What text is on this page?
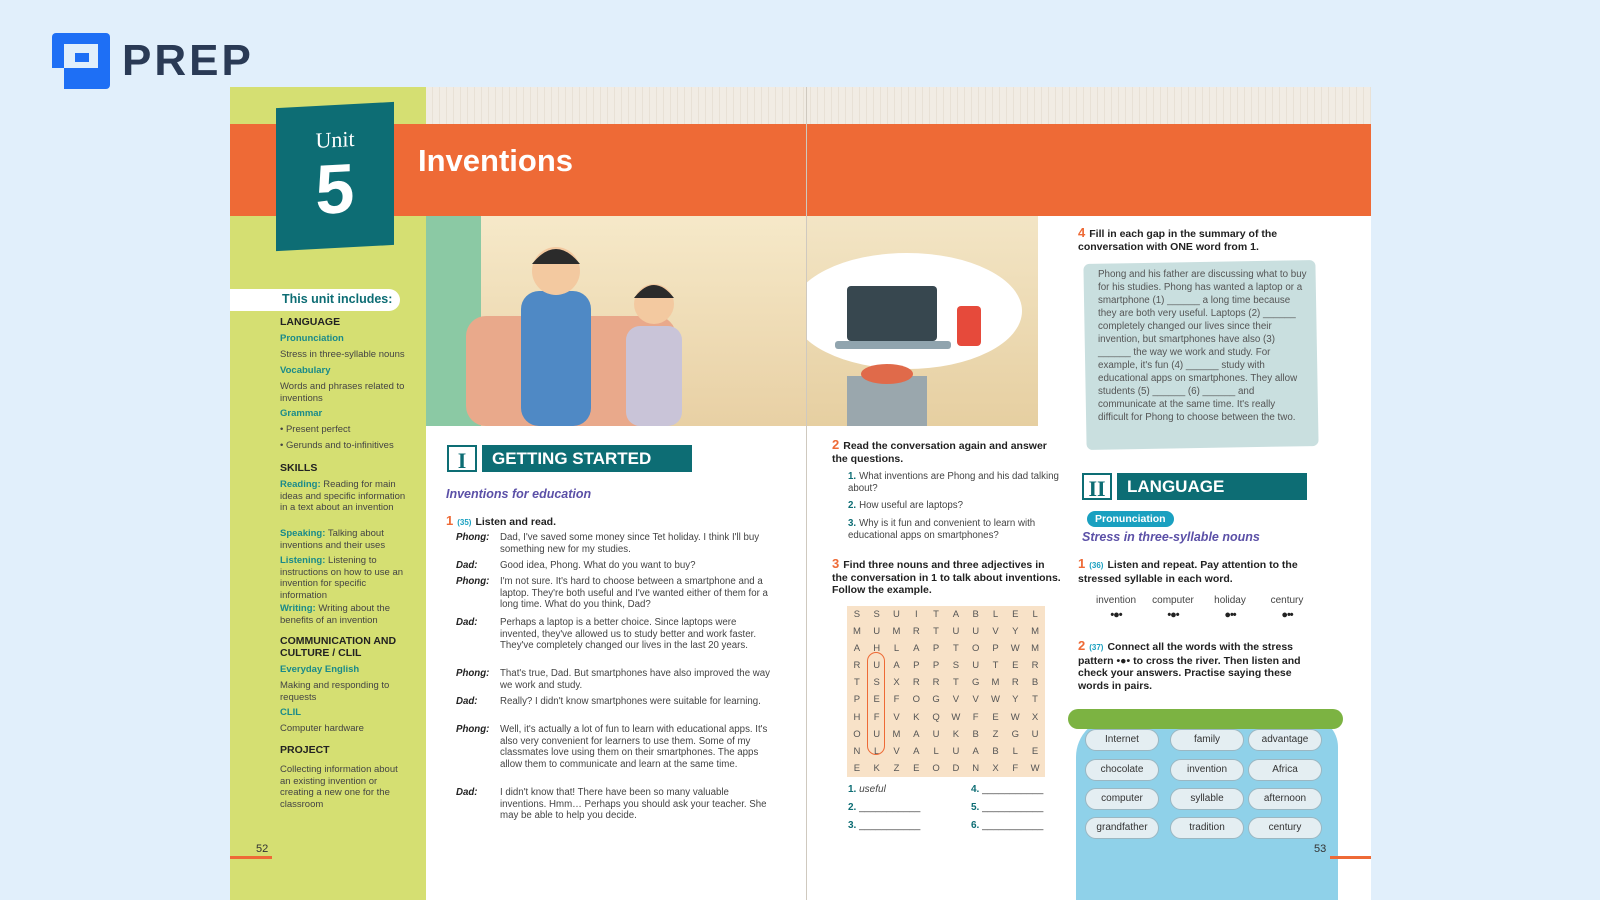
PREP
Unit
5	Inventions
This unit includes:
LANGUAGE
Pronunciation
Stress in three-syllable nouns
Vocabulary
Words and phrases related to inventions
Grammar
• Present perfect
• Gerunds and to-infinitives
SKILLS
Reading: Reading for main ideas and specific information in a text about an invention
Speaking: Talking about inventions and their uses
Listening: Listening to instructions on how to use an invention for specific information
Writing: Writing about the benefits of an invention
COMMUNICATION AND CULTURE / CLIL
Everyday English
Making and responding to requests
CLIL
Computer hardware
PROJECT
Collecting information about an existing invention or creating a new one for the classroom
52
I	GETTING STARTED
Inventions for education
1 (35) Listen and read.
Phong:	Dad, I've saved some money since Tet holiday. I think I'll buy something new for my studies.
Dad:	Good idea, Phong. What do you want to buy?
Phong:	I'm not sure. It's hard to choose between a smartphone and a laptop. They're both useful and I've wanted either of them for a long time. What do you think, Dad?
Dad:	Perhaps a laptop is a better choice. Since laptops were invented, they've allowed us to study better and work faster. They've completely changed our lives in the last 20 years.
Phong:	That's true, Dad. But smartphones have also improved the way we work and study.
Dad:	Really? I didn't know smartphones were suitable for learning.
Phong:	Well, it's actually a lot of fun to learn with educational apps. It's also very convenient for learners to use them. Some of my classmates love using them on their smartphones. The apps allow them to communicate and learn at the same time.
Dad:	I didn't know that! There have been so many valuable inventions. Hmm… Perhaps you should ask your teacher. She may be able to help you decide.
2 Read the conversation again and answer the questions.
1. What inventions are Phong and his dad talking about?
2. How useful are laptops?
3. Why is it fun and convenient to learn with educational apps on smartphones?
3 Find three nouns and three adjectives in the conversation in 1 to talk about inventions. Follow the example.
S	S	U	I	T	A	B	L	E	L
M	U	M	R	T	U	U	V	Y	M
A	H	L	A	P	T	O	P	W	M
R	U	A	P	P	S	U	T	E	R
T	S	X	R	R	T	G	M	R	B
P	E	F	O	G	V	V	W	Y	T
H	F	V	K	Q	W	F	E	W	X
O	U	M	A	U	K	B	Z	G	U
N	L	V	A	L	U	A	B	L	E
E	K	Z	E	O	D	N	X	F	W
1. useful
2. ___________
3. ___________
4. ___________
5. ___________
6. ___________
4 Fill in each gap in the summary of the conversation with ONE word from 1.
Phong and his father are discussing what to buy for his studies. Phong has wanted a laptop or a smartphone (1) ______ a long time because they are both very useful. Laptops (2) ______ completely changed our lives since their invention, but smartphones have also (3) ______ the way we work and study. For example, it's fun (4) ______ study with educational apps on smartphones. They allow students (5) ______ (6) ______ and communicate at the same time. It's really difficult for Phong to choose between the two.
II	LANGUAGE
Pronunciation
Stress in three-syllable nouns
1 (36) Listen and repeat. Pay attention to the stressed syllable in each word.
invention
•●•
computer
•●•
holiday
●••
century
●••
2 (37) Connect all the words with the stress pattern •●• to cross the river. Then listen and check your answers. Practise saying these words in pairs.
Internet	family	advantage
chocolate	invention	Africa
computer	syllable	afternoon
grandfather	tradition	century
53
